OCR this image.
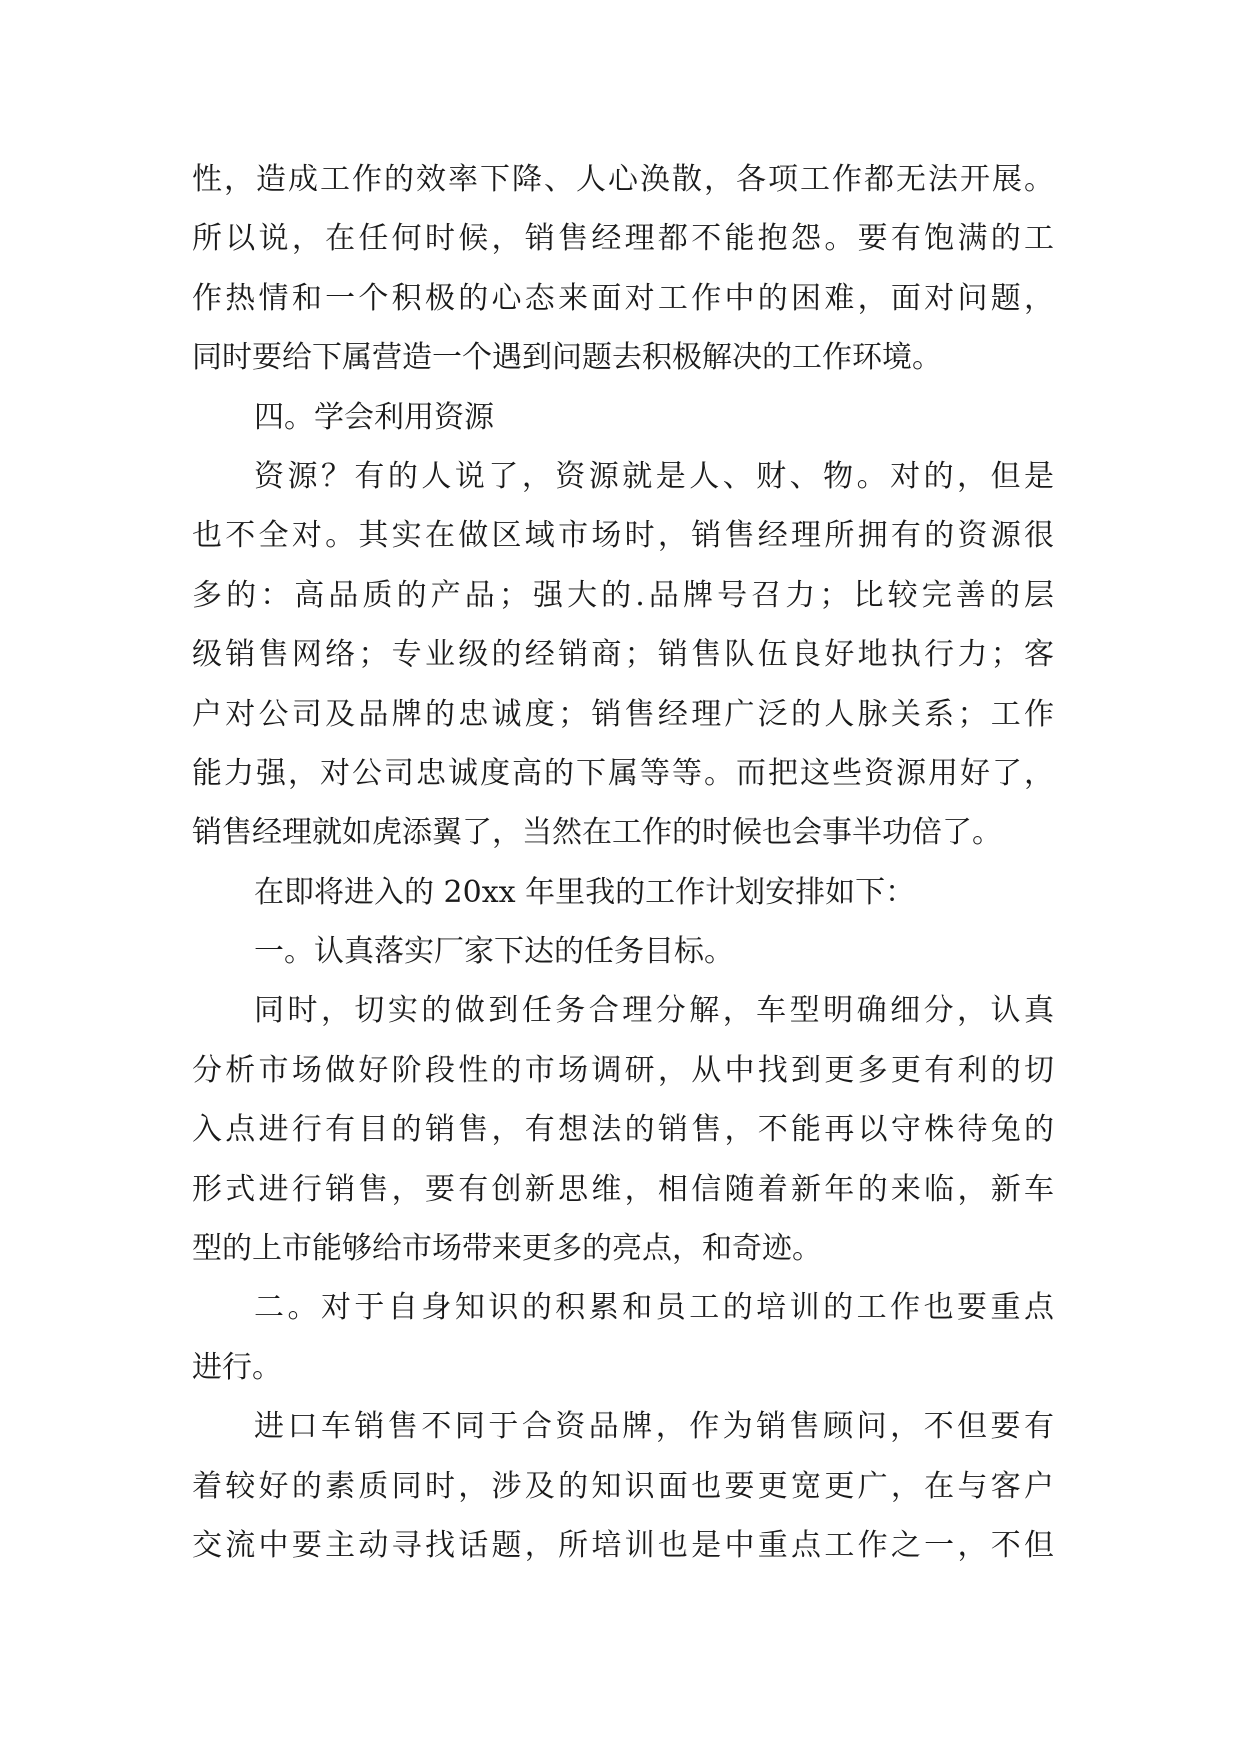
性，造成工作的效率下降、人心涣散，各项工作都无法开展。
所以说，在任何时候，销售经理都不能抱怨。要有饱满的工
作热情和一个积极的心态来面对工作中的困难，面对问题，
同时要给下属营造一个遇到问题去积极解决的工作环境。
四。学会利用资源
资源？有的人说了，资源就是人、财、物。对的，但是
也不全对。其实在做区域市场时，销售经理所拥有的资源很
多的：高品质的产品；强大的.品牌号召力；比较完善的层
级销售网络；专业级的经销商；销售队伍良好地执行力；客
户对公司及品牌的忠诚度；销售经理广泛的人脉关系；工作
能力强，对公司忠诚度高的下属等等。而把这些资源用好了，
销售经理就如虎添翼了，当然在工作的时候也会事半功倍了。
在即将进入的 20xx 年里我的工作计划安排如下：
一。认真落实厂家下达的任务目标。
同时，切实的做到任务合理分解，车型明确细分，认真
分析市场做好阶段性的市场调研，从中找到更多更有利的切
入点进行有目的销售，有想法的销售，不能再以守株待兔的
形式进行销售，要有创新思维，相信随着新年的来临，新车
型的上市能够给市场带来更多的亮点，和奇迹。
二。对于自身知识的积累和员工的培训的工作也要重点
进行。
进口车销售不同于合资品牌，作为销售顾问，不但要有
着较好的素质同时，涉及的知识面也要更宽更广，在与客户
交流中要主动寻找话题，所培训也是中重点工作之一，不但
